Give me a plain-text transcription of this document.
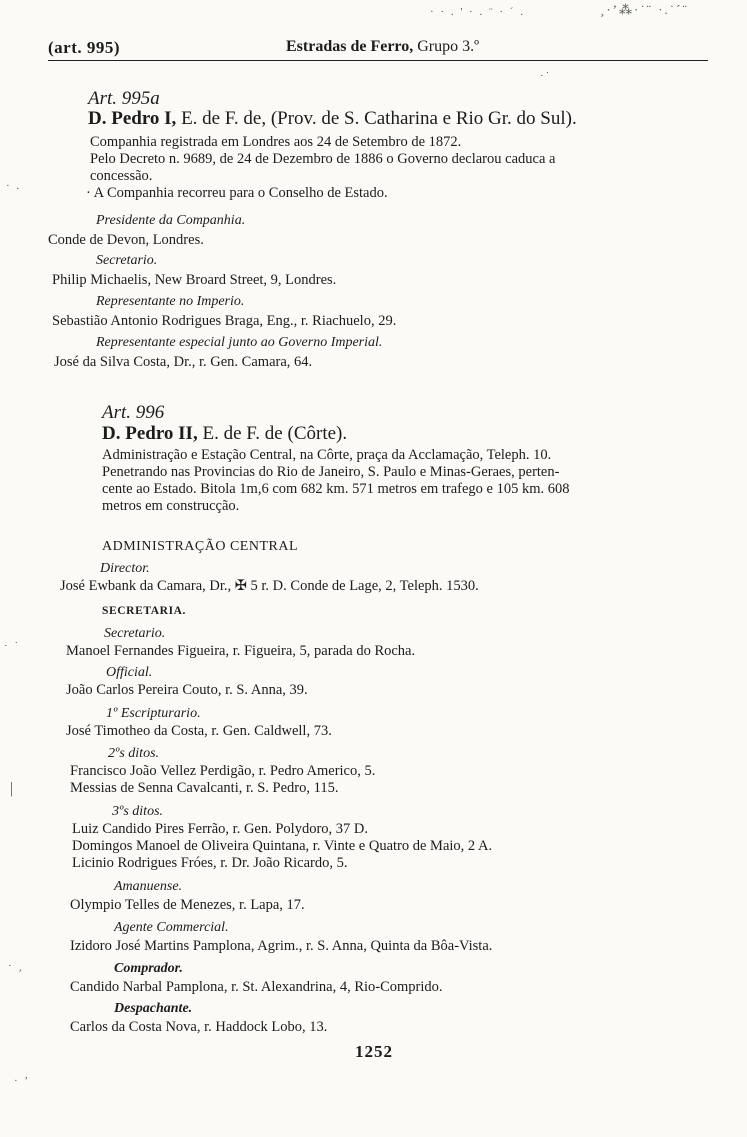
· · . ' · . ¨ · ´ .	¸·ʼ⁂·˙¨ ·.˙´¨
·˙
· .
· ˙
|
· ¸
· ʼ
(art. 995)	Estradas de Ferro, Grupo 3.º
Art. 995a
D. Pedro I, E. de F. de, (Prov. de S. Catharina e Rio Gr. do Sul).
Companhia registrada em Londres aos 24 de Setembro de 1872.
Pelo Decreto n. 9689, de 24 de Dezembro de 1886 o Governo declarou caduca a
concessão.
· A Companhia recorreu para o Conselho de Estado.
Presidente da Companhia.
Conde de Devon, Londres.
Secretario.
Philip Michaelis, New Broard Street, 9, Londres.
Representante no Imperio.
Sebastião Antonio Rodrigues Braga, Eng., r. Riachuelo, 29.
Representante especial junto ao Governo Imperial.
José da Silva Costa, Dr., r. Gen. Camara, 64.
Art. 996
D. Pedro II, E. de F. de (Côrte).
Administração e Estação Central, na Côrte, praça da Acclamação, Teleph. 10.
Penetrando nas Provincias do Rio de Janeiro, S. Paulo e Minas-Geraes, perten-
cente ao Estado. Bitola 1m,6 com 682 km. 571 metros em trafego e 105 km. 608
metros em construcção.
ADMINISTRAÇÃO CENTRAL
Director.
José Ewbank da Camara, Dr., ✠ 5 r. D. Conde de Lage, 2, Teleph. 1530.
SECRETARIA.
Secretario.
Manoel Fernandes Figueira, r. Figueira, 5, parada do Rocha.
Official.
João Carlos Pereira Couto, r. S. Anna, 39.
1º Escripturario.
José Timotheo da Costa, r. Gen. Caldwell, 73.
2ºs ditos.
Francisco João Vellez Perdigão, r. Pedro Americo, 5.
Messias de Senna Cavalcanti, r. S. Pedro, 115.
3ºs ditos.
Luiz Candido Pires Ferrão, r. Gen. Polydoro, 37 D.
Domingos Manoel de Oliveira Quintana, r. Vinte e Quatro de Maio, 2 A.
Licinio Rodrigues Fróes, r. Dr. João Ricardo, 5.
Amanuense.
Olympio Telles de Menezes, r. Lapa, 17.
Agente Commercial.
Izidoro José Martins Pamplona, Agrim., r. S. Anna, Quinta da Bôa-Vista.
Comprador.
Candido Narbal Pamplona, r. St. Alexandrina, 4, Rio-Comprido.
Despachante.
Carlos da Costa Nova, r. Haddock Lobo, 13.
1252
